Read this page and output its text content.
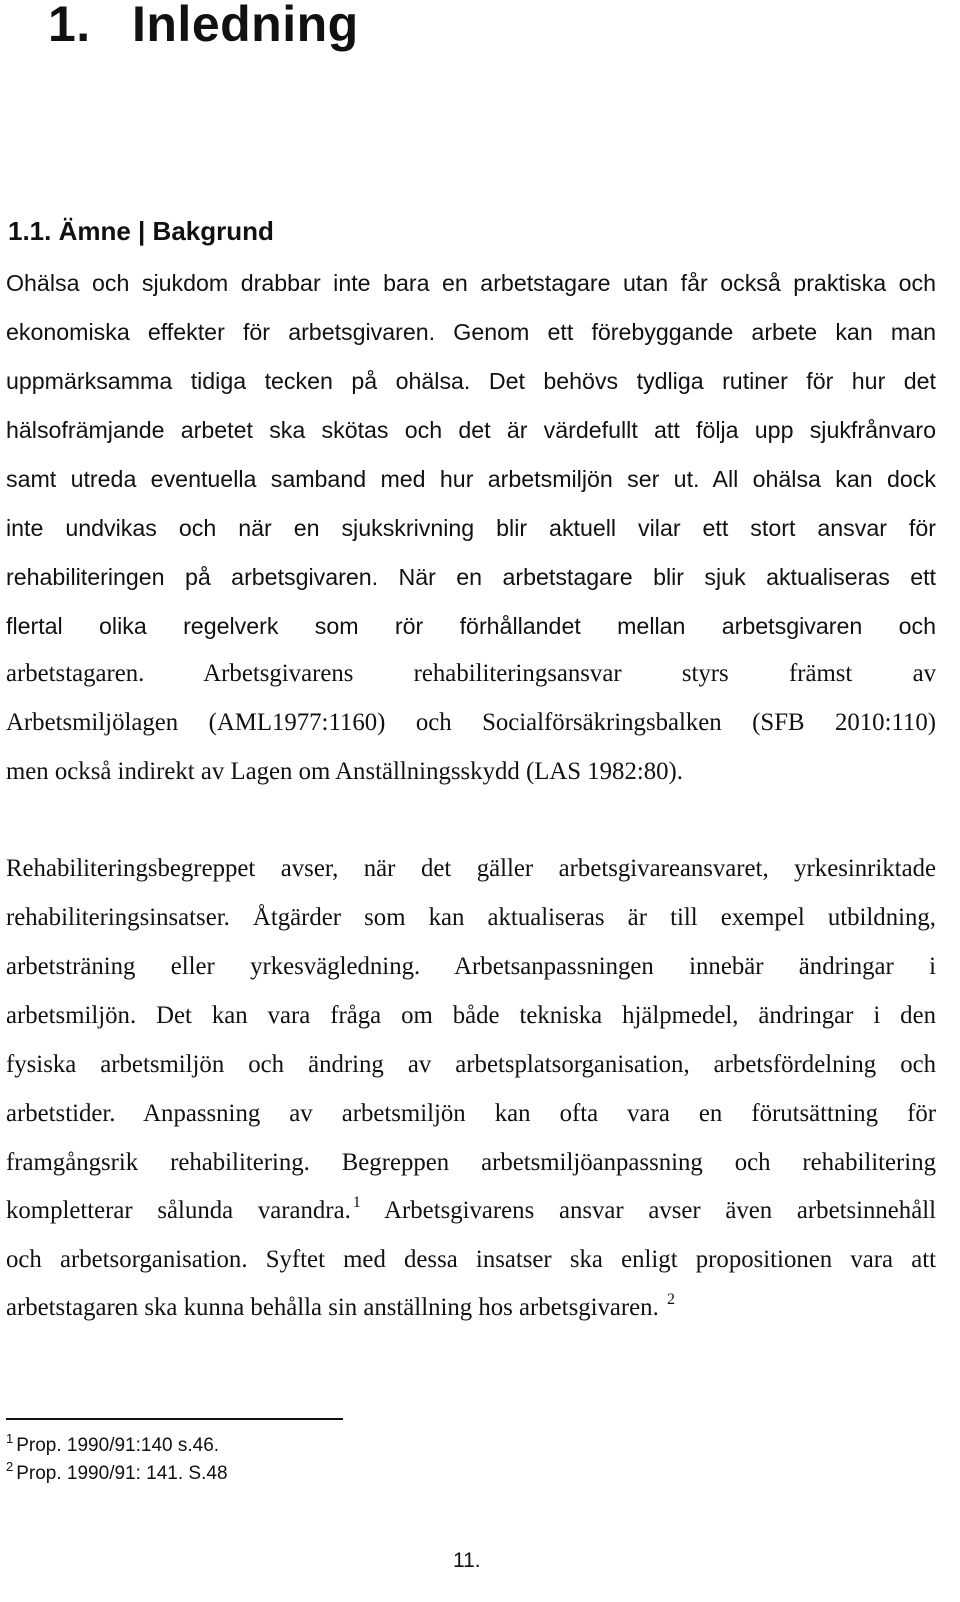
1. Inledning
1.1. Ämne | Bakgrund
Ohälsa och sjukdom drabbar inte bara en arbetstagare utan får också praktiska och
ekonomiska effekter för arbetsgivaren. Genom ett förebyggande arbete kan man
uppmärksamma tidiga tecken på ohälsa. Det behövs tydliga rutiner för hur det
hälsofrämjande arbetet ska skötas och det är värdefullt att följa upp sjukfrånvaro
samt utreda eventuella samband med hur arbetsmiljön ser ut. All ohälsa kan dock
inte undvikas och när en sjukskrivning blir aktuell vilar ett stort ansvar för
rehabiliteringen på arbetsgivaren. När en arbetstagare blir sjuk aktualiseras ett
flertal olika regelverk som rör förhållandet mellan arbetsgivaren och
arbetstagaren. Arbetsgivarens rehabiliteringsansvar styrs främst av
Arbetsmiljölagen (AML1977:1160) och Socialförsäkringsbalken (SFB 2010:110)
men också indirekt av Lagen om Anställningsskydd (LAS 1982:80).
Rehabiliteringsbegreppet avser, när det gäller arbetsgivareansvaret, yrkesinriktade
rehabiliteringsinsatser. Åtgärder som kan aktualiseras är till exempel utbildning,
arbetsträning eller yrkesvägledning. Arbetsanpassningen innebär ändringar i
arbetsmiljön. Det kan vara fråga om både tekniska hjälpmedel, ändringar i den
fysiska arbetsmiljön och ändring av arbetsplatsorganisation, arbetsfördelning och
arbetstider. Anpassning av arbetsmiljön kan ofta vara en förutsättning för
framgångsrik rehabilitering. Begreppen arbetsmiljöanpassning och rehabilitering
kompletterar sålunda varandra. $^1$ Arbetsgivarens ansvar avser även arbetsinnehåll
och arbetsorganisation. Syftet med dessa insatser ska enligt propositionen vara att
arbetstagaren ska kunna behålla sin anställning hos arbetsgivaren. $^2$
$^1$ Prop. 1990/91:140 s.46.
$^2$ Prop. 1990/91: 141. S.48
11.
